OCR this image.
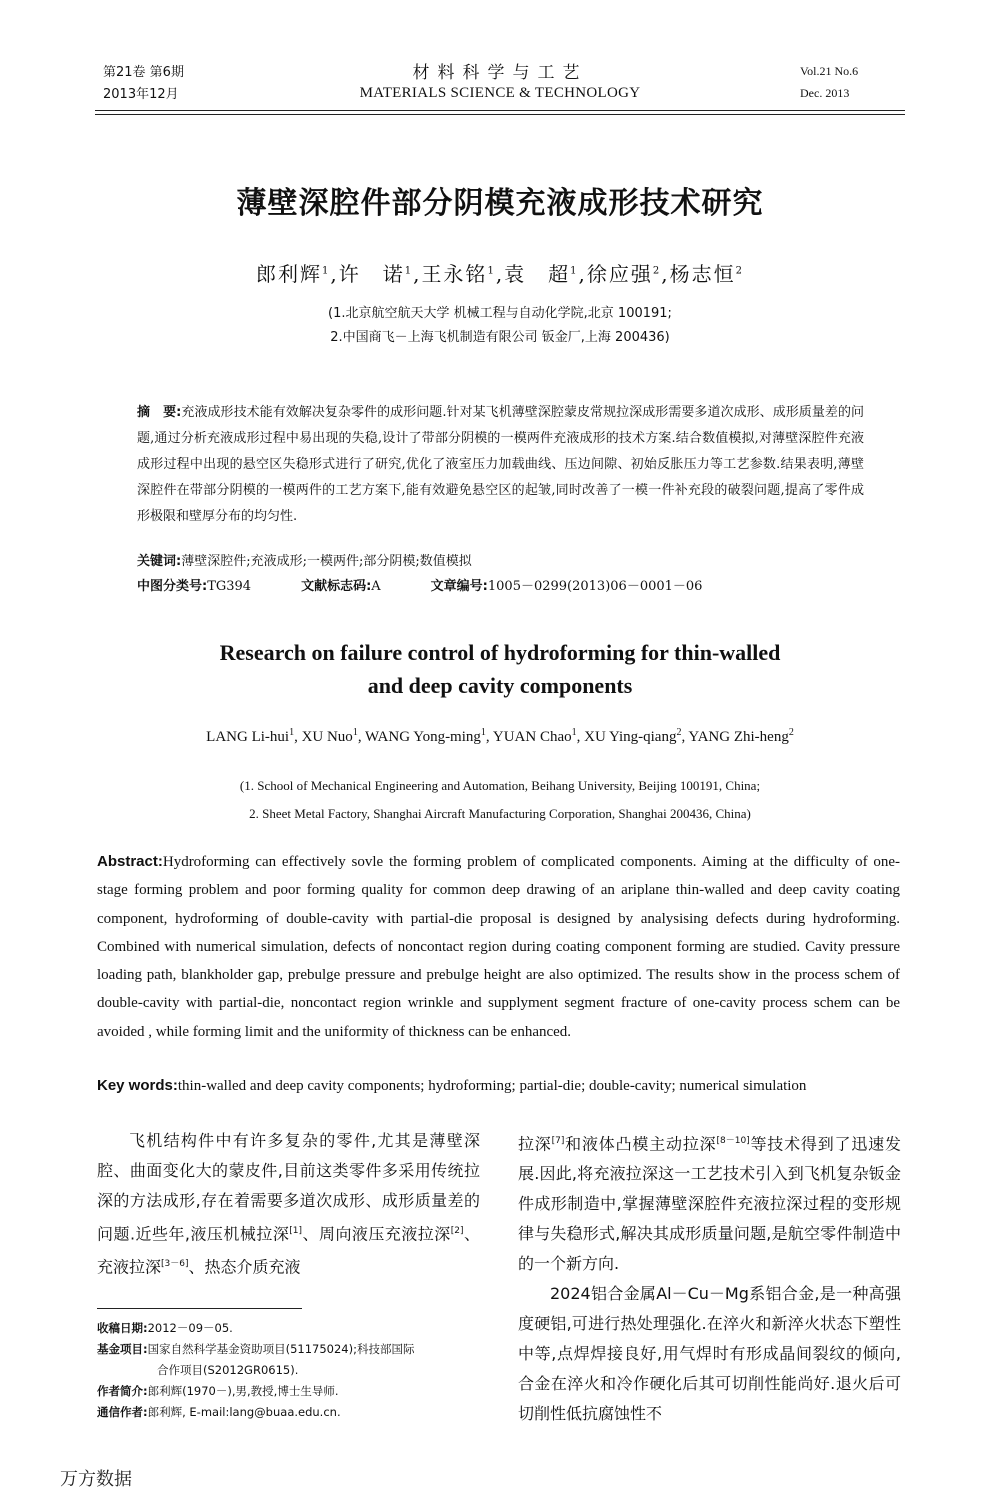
第21卷 第6期
2013年12月
材料科学与工艺
MATERIALS SCIENCE & TECHNOLOGY
Vol.21 No.6
Dec. 2013
薄壁深腔件部分阴模充液成形技术研究
郎利辉$^1$,许　诺$^1$,王永铭$^1$,袁　超$^1$,徐应强$^2$,杨志恒$^2$
(1.北京航空航天大学 机械工程与自动化学院,北京 100191;
2.中国商飞－上海飞机制造有限公司 钣金厂,上海 200436)
摘　要:充液成形技术能有效解决复杂零件的成形问题.针对某飞机薄壁深腔蒙皮常规拉深成形需要多道次成形、成形质量差的问题,通过分析充液成形过程中易出现的失稳,设计了带部分阴模的一模两件充液成形的技术方案.结合数值模拟,对薄壁深腔件充液成形过程中出现的悬空区失稳形式进行了研究,优化了液室压力加载曲线、压边间隙、初始反胀压力等工艺参数.结果表明,薄壁深腔件在带部分阴模的一模两件的工艺方案下,能有效避免悬空区的起皱,同时改善了一模一件补充段的破裂问题,提高了零件成形极限和壁厚分布的均匀性.
关键词:薄壁深腔件;充液成形;一模两件;部分阴模;数值模拟
中图分类号:TG394	文献标志码:A	文章编号:1005－0299(2013)06－0001－06
Research on failure control of hydroforming for thin-walled
and deep cavity components
LANG Li-hui$^1$, XU Nuo$^1$, WANG Yong-ming$^1$, YUAN Chao$^1$, XU Ying-qiang$^2$, YANG Zhi-heng$^2$
(1. School of Mechanical Engineering and Automation, Beihang University, Beijing 100191, China;
2. Sheet Metal Factory, Shanghai Aircraft Manufacturing Corporation, Shanghai 200436, China)
Abstract:Hydroforming can effectively sovle the forming problem of complicated components. Aiming at the difficulty of one-stage forming problem and poor forming quality for common deep drawing of an ariplane thin-walled and deep cavity coating component, hydroforming of double-cavity with partial-die proposal is designed by analysising defects during hydroforming. Combined with numerical simulation, defects of noncontact region during coating component forming are studied. Cavity pressure loading path, blankholder gap, prebulge pressure and prebulge height are also optimized. The results show in the process schem of double-cavity with partial-die, noncontact region wrinkle and supplyment segment fracture of one-cavity process schem can be avoided , while forming limit and the uniformity of thickness can be enhanced.
Key words:thin-walled and deep cavity components; hydroforming; partial-die; double-cavity; numerical simulation

飞机结构件中有许多复杂的零件,尤其是薄壁深腔、曲面变化大的蒙皮件,目前这类零件多采用传统拉深的方法成形,存在着需要多道次成形、成形质量差的问题.近些年,液压机械拉深[1]、周向液压充液拉深[2]、充液拉深[3－6]、热态介质充液

拉深[7]和液体凸模主动拉深[8－10]等技术得到了迅速发展.因此,将充液拉深这一工艺技术引入到飞机复杂钣金件成形制造中,掌握薄壁深腔件充液拉深过程的变形规律与失稳形式,解决其成形质量问题,是航空零件制造中的一个新方向.

2024铝合金属Al－Cu－Mg系铝合金,是一种高强度硬铝,可进行热处理强化.在淬火和新淬火状态下塑性中等,点焊焊接良好,用气焊时有形成晶间裂纹的倾向,合金在淬火和冷作硬化后其可切削性能尚好.退火后可切削性低抗腐蚀性不

收稿日期:2012－09－05.
基金项目:国家自然科学基金资助项目(51175024);科技部国际
合作项目(S2012GR0615).
作者简介:郎利辉(1970－),男,教授,博士生导师.
通信作者:郎利辉, E-mail:lang@buaa.edu.cn.
万方数据
